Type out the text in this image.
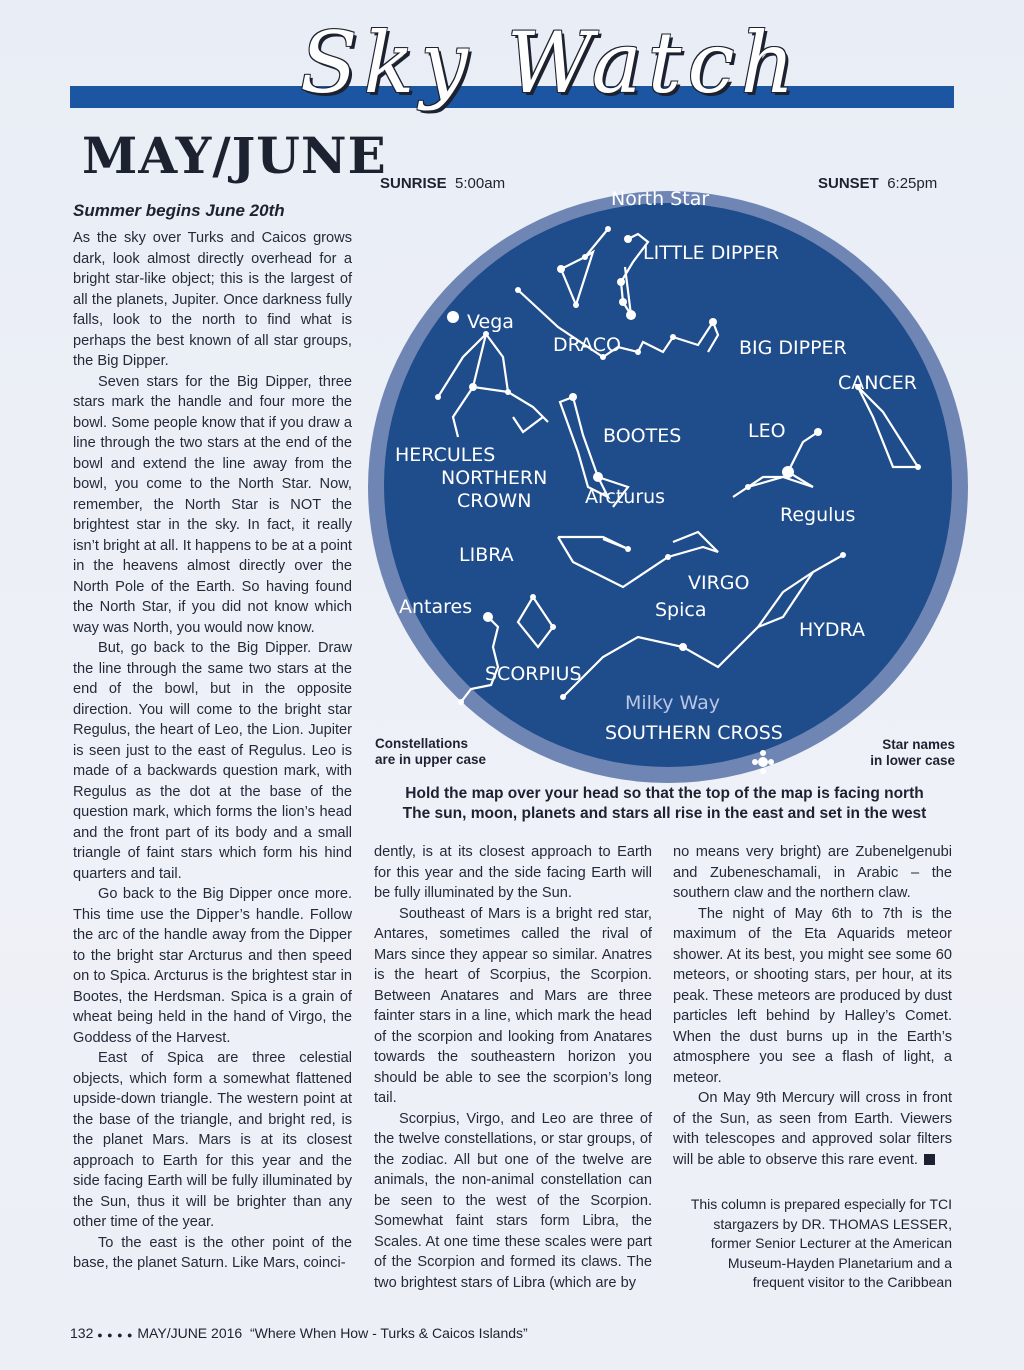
Sky Watch
MAY/JUNE
SUNRISE 5:00am	SUNSET 6:25pm
Summer begins June 20th

As the sky over Turks and Caicos grows dark, look almost directly overhead for a bright star-like object; this is the largest of all the planets, Jupiter. Once darkness fully falls, look to the north to find what is perhaps the best known of all star groups, the Big Dipper.

Seven stars for the Big Dipper, three stars mark the handle and four more the bowl. Some people know that if you draw a line through the two stars at the end of the bowl and extend the line away from the bowl, you come to the North Star. Now, remember, the North Star is NOT the brightest star in the sky. In fact, it really isn’t bright at all. It happens to be at a point in the heavens almost directly over the North Pole of the Earth. So having found the North Star, if you did not know which way was North, you would now know.

But, go back to the Big Dipper. Draw the line through the same two stars at the end of the bowl, but in the opposite direction. You will come to the bright star Regulus, the heart of Leo, the Lion. Jupiter is seen just to the east of Regulus. Leo is made of a backwards question mark, with Regulus as the dot at the base of the question mark, which forms the lion’s head and the front part of its body and a small triangle of faint stars which form his hind quarters and tail.

Go back to the Big Dipper once more. This time use the Dipper’s handle. Follow the arc of the handle away from the Dipper to the bright star Arcturus and then speed on to Spica. Arcturus is the brightest star in Bootes, the Herdsman. Spica is a grain of wheat being held in the hand of Virgo, the Goddess of the Harvest.

East of Spica are three celestial objects, which form a somewhat flattened upside-down triangle. The western point at the base of the triangle, and bright red, is the planet Mars. Mars is at its closest approach to Earth for this year and the side facing Earth will be fully illuminated by the Sun, thus it will be brighter than any other time of the year.

To the east is the other point of the base, the planet Saturn. Like Mars, coinci-

North Star
LITTLE DIPPER
Vega
DRACO	BIG DIPPER
CANCER
BOOTES	LEO
HERCULES
NORTHERN
CROWN	Arcturus
Regulus
LIBRA
VIRGO
Antares	Spica
HYDRA
SCORPIUS
Milky Way
SOUTHERN CROSS
Constellations
are in upper case
Star names
in lower case
Hold the map over your head so that the top of the map is facing north
The sun, moon, planets and stars all rise in the east and set in the west

dently, is at its closest approach to Earth for this year and the side facing Earth will be fully illuminated by the Sun.

Southeast of Mars is a bright red star, Antares, sometimes called the rival of Mars since they appear so similar. Anatres is the heart of Scorpius, the Scorpion. Between Anatares and Mars are three fainter stars in a line, which mark the head of the scorpion and looking from Anatares towards the southeastern horizon you should be able to see the scorpion’s long tail.

Scorpius, Virgo, and Leo are three of the twelve constellations, or star groups, of the zodiac. All but one of the twelve are animals, the non-animal constellation can be seen to the west of the Scorpion. Somewhat faint stars form Libra, the Scales. At one time these scales were part of the Scorpion and formed its claws. The two brightest stars of Libra (which are by

no means very bright) are Zubenelgenubi and Zubeneschamali, in Arabic – the southern claw and the northern claw.

The night of May 6th to 7th is the maximum of the Eta Aquarids meteor shower. At its best, you might see some 60 meteors, or shooting stars, per hour, at its peak. These meteors are produced by dust particles left behind by Halley’s Comet. When the dust burns up in the Earth’s atmosphere you see a flash of light, a meteor.

On May 9th Mercury will cross in front of the Sun, as seen from Earth. Viewers with telescopes and approved solar filters will be able to observe this rare event.

This column is prepared especially for TCI stargazers by DR. THOMAS LESSER, former Senior Lecturer at the American Museum-Hayden Planetarium and a frequent visitor to the Caribbean
132 ● ● ● ● MAY/JUNE 2016 “Where When How - Turks & Caicos Islands”
